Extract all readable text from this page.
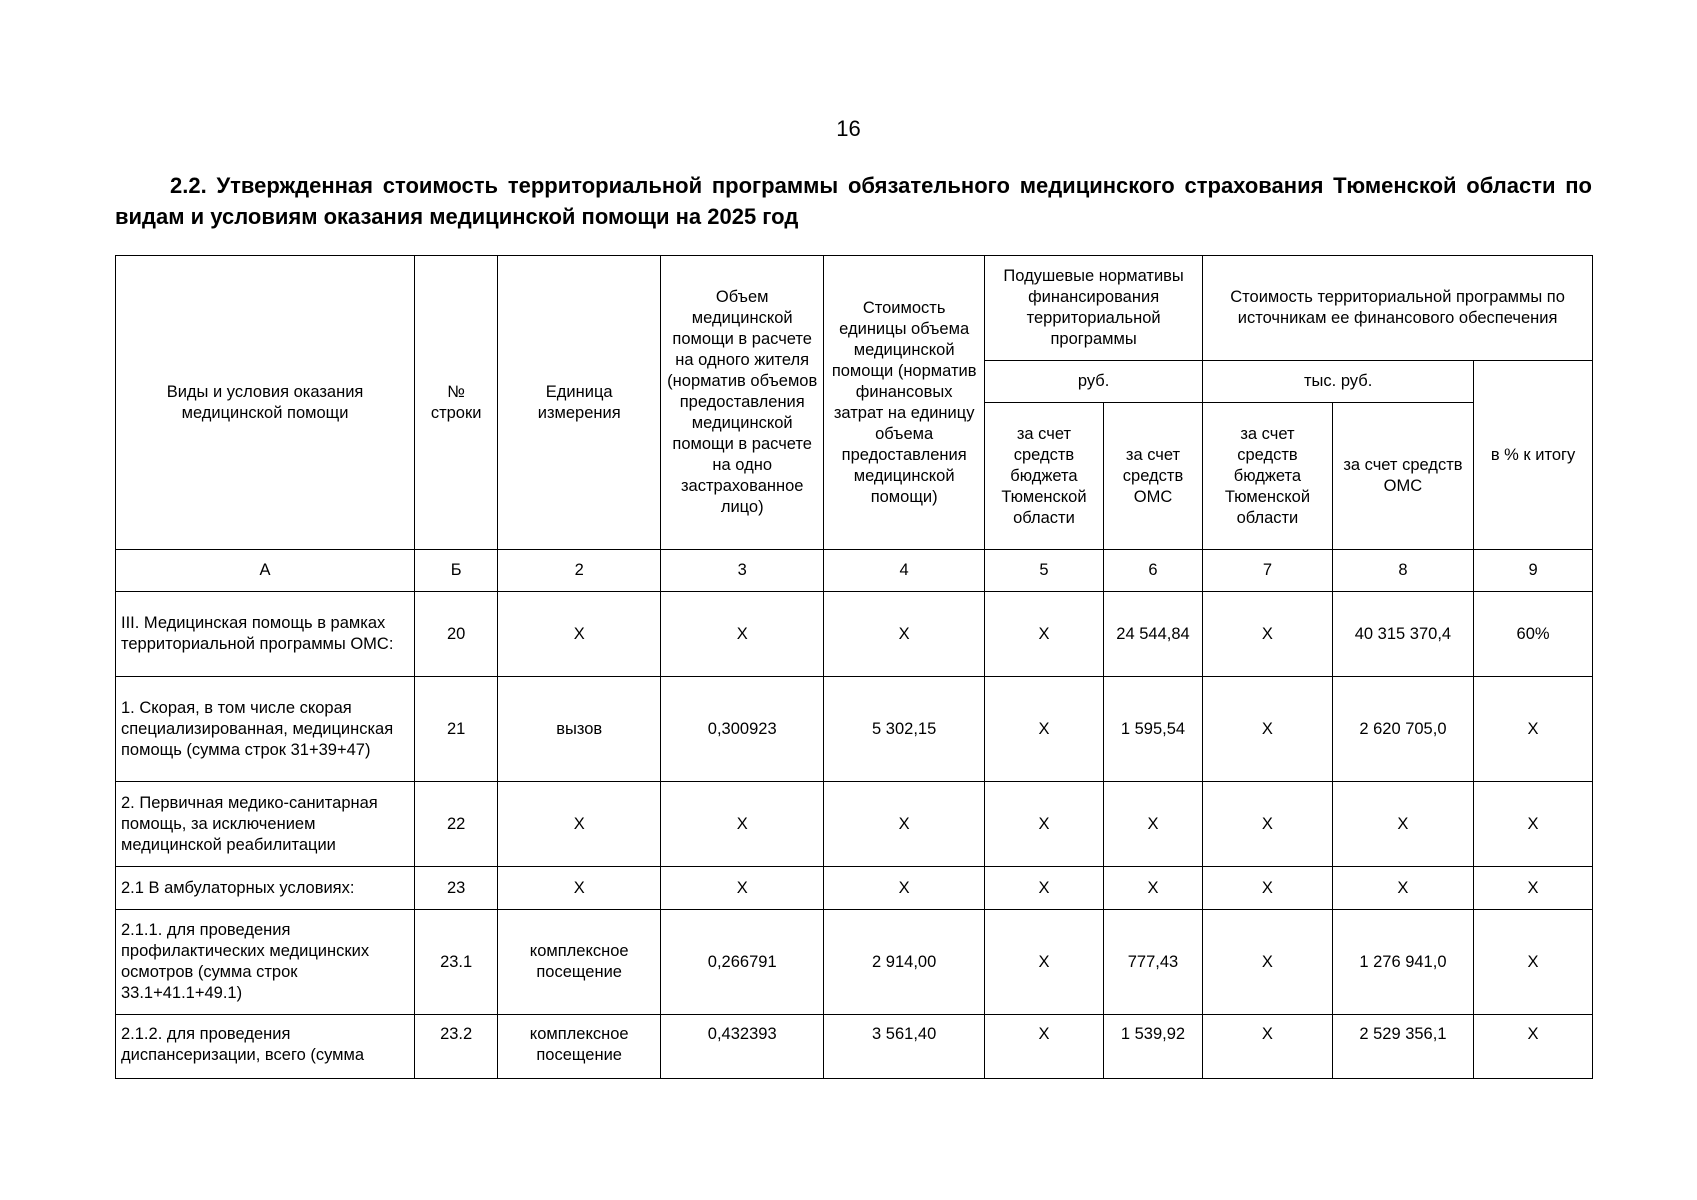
16
2.2. Утвержденная стоимость территориальной программы обязательного медицинского страхования Тюменской области по видам и условиям оказания медицинской помощи на 2025 год
Виды и условия оказания медицинской помощи	№ строки	Единица измерения	Объем медицинской помощи в расчете на одного жителя (норматив объемов предоставления медицинской помощи в расчете на одно застрахованное лицо)	Стоимость единицы объема медицинской помощи (норматив финансовых затрат на единицу объема предоставления медицинской помощи)	Подушевые нормативы финансирования территориальной программы		Стоимость территориальной программы по источникам ее финансового обеспечения		
					руб.		тыс. руб.		в % к итогу
					за счет средств бюджета Тюменской области	за счет средств ОМС	за счет средств бюджета Тюменской области	за счет средств ОМС	
А	Б	2	3	4	5	6	7	8	9
III. Медицинская помощь в рамках территориальной программы ОМС:	20	Х	Х	Х	Х	24 544,84	Х	40 315 370,4	60%
1. Скорая, в том числе скорая специализированная, медицинская помощь (сумма строк 31+39+47)	21	вызов	0,300923	5 302,15	Х	1 595,54	Х	2 620 705,0	Х
2. Первичная медико-санитарная помощь, за исключением медицинской реабилитации	22	Х	Х	Х	Х	Х	Х	Х	Х
2.1 В амбулаторных условиях:	23	Х	Х	Х	Х	Х	Х	Х	Х
2.1.1. для проведения профилактических медицинских осмотров (сумма строк 33.1+41.1+49.1)	23.1	комплексное посещение	0,266791	2 914,00	Х	777,43	Х	1 276 941,0	Х
2.1.2. для проведения диспансеризации, всего (сумма	23.2	комплексное посещение	0,432393	3 561,40	Х	1 539,92	Х	2 529 356,1	Х
